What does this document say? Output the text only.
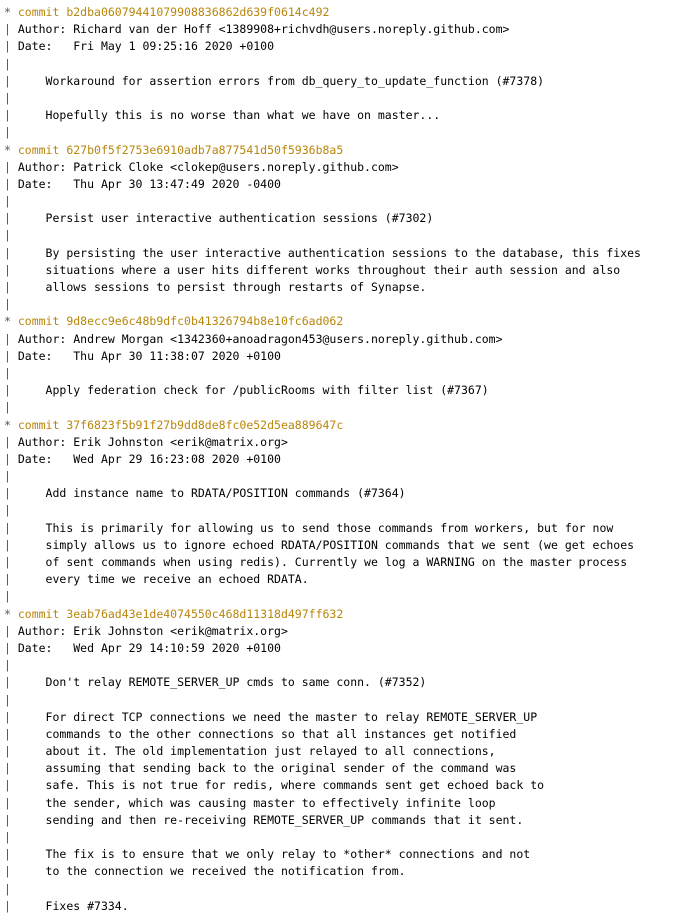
* commit b2dba06079441079908836862d639f0614c492
| Author: Richard van der Hoff <1389908+richvdh@users.noreply.github.com>
| Date:   Fri May 1 09:25:16 2020 +0100
|
|     Workaround for assertion errors from db_query_to_update_function (#7378)
|
|     Hopefully this is no worse than what we have on master...
|
* commit 627b0f5f2753e6910adb7a877541d50f5936b8a5
| Author: Patrick Cloke <clokep@users.noreply.github.com>
| Date:   Thu Apr 30 13:47:49 2020 -0400
|
|     Persist user interactive authentication sessions (#7302)
|
|     By persisting the user interactive authentication sessions to the database, this fixes
|     situations where a user hits different works throughout their auth session and also
|     allows sessions to persist through restarts of Synapse.
|
* commit 9d8ecc9e6c48b9dfc0b41326794b8e10fc6ad062
| Author: Andrew Morgan <1342360+anoadragon453@users.noreply.github.com>
| Date:   Thu Apr 30 11:38:07 2020 +0100
|
|     Apply federation check for /publicRooms with filter list (#7367)
|
* commit 37f6823f5b91f27b9dd8de8fc0e52d5ea889647c
| Author: Erik Johnston <erik@matrix.org>
| Date:   Wed Apr 29 16:23:08 2020 +0100
|
|     Add instance name to RDATA/POSITION commands (#7364)
|
|     This is primarily for allowing us to send those commands from workers, but for now
|     simply allows us to ignore echoed RDATA/POSITION commands that we sent (we get echoes
|     of sent commands when using redis). Currently we log a WARNING on the master process
|     every time we receive an echoed RDATA.
|
* commit 3eab76ad43e1de4074550c468d11318d497ff632
| Author: Erik Johnston <erik@matrix.org>
| Date:   Wed Apr 29 14:10:59 2020 +0100
|
|     Don't relay REMOTE_SERVER_UP cmds to same conn. (#7352)
|
|     For direct TCP connections we need the master to relay REMOTE_SERVER_UP
|     commands to the other connections so that all instances get notified
|     about it. The old implementation just relayed to all connections,
|     assuming that sending back to the original sender of the command was
|     safe. This is not true for redis, where commands sent get echoed back to
|     the sender, which was causing master to effectively infinite loop
|     sending and then re-receiving REMOTE_SERVER_UP commands that it sent.
|
|     The fix is to ensure that we only relay to *other* connections and not
|     to the connection we received the notification from.
|
|     Fixes #7334.
